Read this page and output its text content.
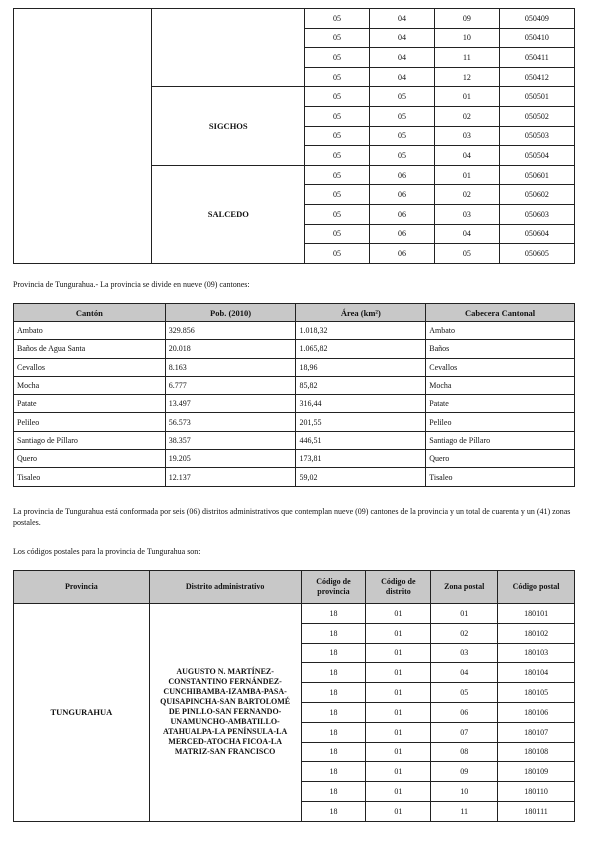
		05	04	09	050409
		05	04	10	050410
		05	04	11	050411
		05	04	12	050412
	SIGCHOS	05	05	01	050501
		05	05	02	050502
		05	05	03	050503
		05	05	04	050504
	SALCEDO	05	06	01	050601
		05	06	02	050602
		05	06	03	050603
		05	06	04	050604
		05	06	05	050605

Provincia de Tungurahua.- La provincia se divide en nueve (09) cantones:

Cantón	Pob. (2010)	Área (km²)	Cabecera Cantonal
Ambato	329.856	1.018,32	Ambato
Baños de Agua Santa	20.018	1.065,82	Baños
Cevallos	8.163	18,96	Cevallos
Mocha	6.777	85,82	Mocha
Patate	13.497	316,44	Patate
Pelileo	56.573	201,55	Pelileo
Santiago de Píllaro	38.357	446,51	Santiago de Píllaro
Quero	19.205	173,81	Quero
Tisaleo	12.137	59,02	Tisaleo

La provincia de Tungurahua está conformada por seis (06) distritos administrativos que contemplan nueve (09) cantones de la provincia y un total de cuarenta y un (41) zonas postales.

Los códigos postales para la provincia de Tungurahua son:

Provincia	Distrito administrativo	Código de provincia	Código de distrito	Zona postal	Código postal
TUNGURAHUA	AUGUSTO N. MARTÍNEZ-CONSTANTINO FERNÁNDEZ-CUNCHIBAMBA-IZAMBA-PASA-QUISAPINCHA-SAN BARTOLOMÉ DE PINLLO-SAN FERNANDO-UNAMUNCHO-AMBATILLO-ATAHUALPA-LA PENÍNSULA-LA MERCED-ATOCHA FICOA-LA MATRIZ-SAN FRANCISCO	18	01	01	180101
		18	01	02	180102
		18	01	03	180103
		18	01	04	180104
		18	01	05	180105
		18	01	06	180106
		18	01	07	180107
		18	01	08	180108
		18	01	09	180109
		18	01	10	180110
		18	01	11	180111
